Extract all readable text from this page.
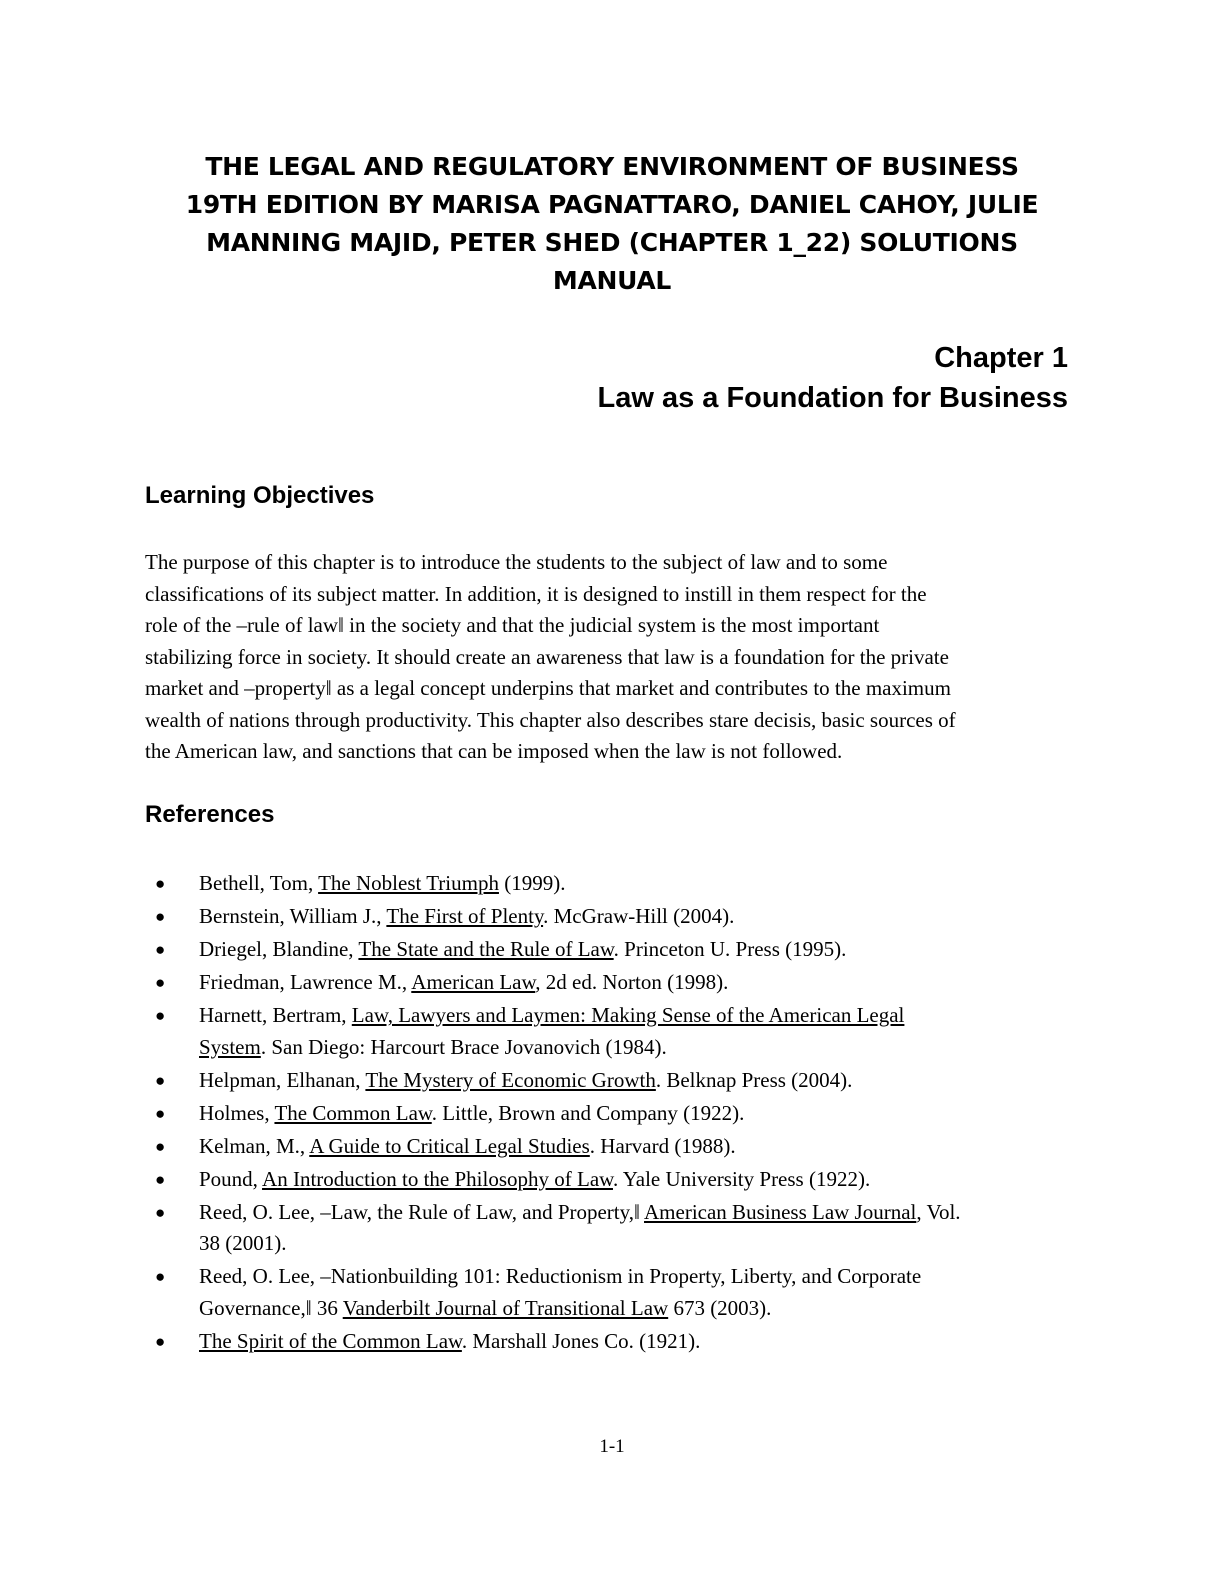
THE LEGAL AND REGULATORY ENVIRONMENT OF BUSINESS
19TH EDITION BY MARISA PAGNATTARO, DANIEL CAHOY, JULIE
MANNING MAJID, PETER SHED (CHAPTER 1_22) SOLUTIONS
MANUAL
Chapter 1
Law as a Foundation for Business
Learning Objectives

The purpose of this chapter is to introduce the students to the subject of law and to some
classifications of its subject matter. In addition, it is designed to instill in them respect for the
role of the –rule of law‖ in the society and that the judicial system is the most important
stabilizing force in society. It should create an awareness that law is a foundation for the private
market and –property‖ as a legal concept underpins that market and contributes to the maximum
wealth of nations through productivity. This chapter also describes stare decisis, basic sources of
the American law, and sanctions that can be imposed when the law is not followed.

References
● Bethell, Tom, The Noblest Triumph (1999).
● Bernstein, William J., The First of Plenty. McGraw-Hill (2004).
● Driegel, Blandine, The State and the Rule of Law. Princeton U. Press (1995).
● Friedman, Lawrence M., American Law, 2d ed. Norton (1998).
● Harnett, Bertram, Law, Lawyers and Laymen: Making Sense of the American Legal
System. San Diego: Harcourt Brace Jovanovich (1984).
● Helpman, Elhanan, The Mystery of Economic Growth. Belknap Press (2004).
● Holmes, The Common Law. Little, Brown and Company (1922).
● Kelman, M., A Guide to Critical Legal Studies. Harvard (1988).
● Pound, An Introduction to the Philosophy of Law. Yale University Press (1922).
● Reed, O. Lee, –Law, the Rule of Law, and Property,‖ American Business Law Journal, Vol.
38 (2001).
● Reed, O. Lee, –Nationbuilding 101: Reductionism in Property, Liberty, and Corporate
Governance,‖ 36 Vanderbilt Journal of Transitional Law 673 (2003).
● The Spirit of the Common Law. Marshall Jones Co. (1921).
1-1
